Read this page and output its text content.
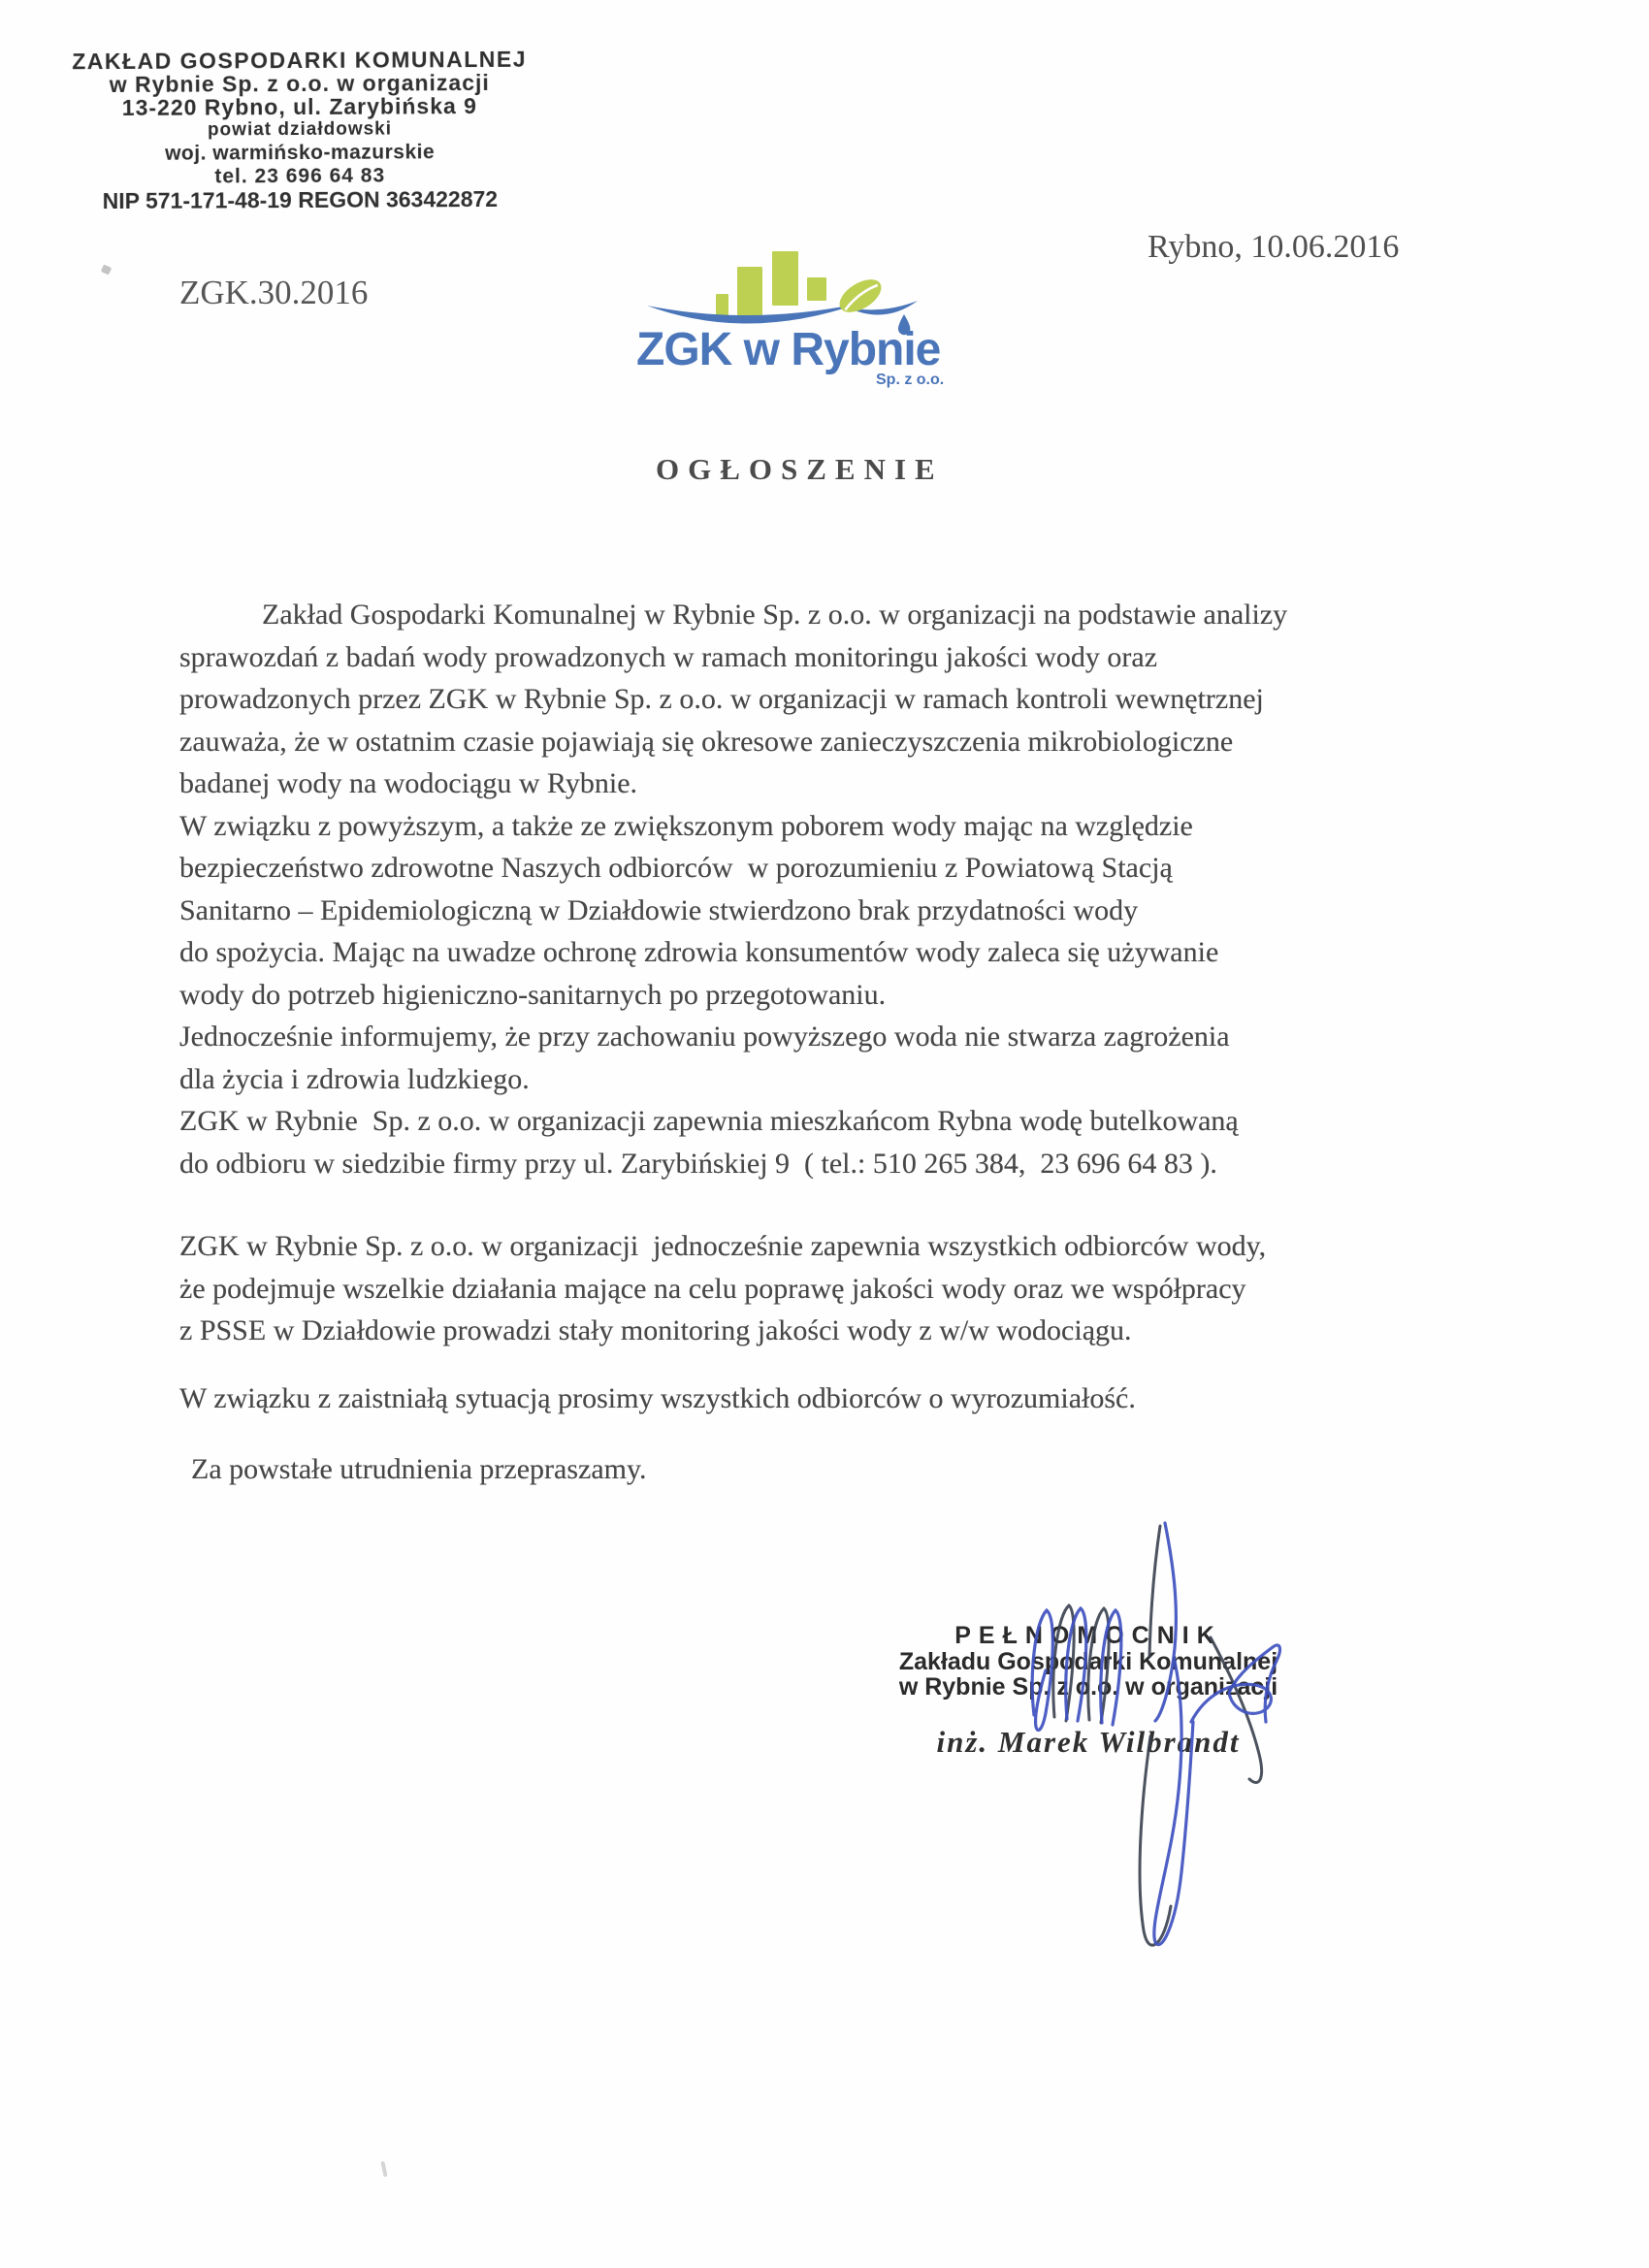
ZAKŁAD GOSPODARKI KOMUNALNEJ
w Rybnie Sp. z o.o. w organizacji
13-220 Rybno, ul. Zarybińska 9
powiat działdowski
woj. warmińsko-mazurskie
tel. 23 696 64 83
NIP 571-171-48-19 REGON 363422872
Rybno, 10.06.2016
ZGK.30.2016
ZGK w Rybnie
Sp. z o.o.
OGŁOSZENIE
Zakład Gospodarki Komunalnej w Rybnie Sp. z o.o. w organizacji na podstawie analizy
sprawozdań z badań wody prowadzonych w ramach monitoringu jakości wody oraz
prowadzonych przez ZGK w Rybnie Sp. z o.o. w organizacji w ramach kontroli wewnętrznej
zauważa, że w ostatnim czasie pojawiają się okresowe zanieczyszczenia mikrobiologiczne
badanej wody na wodociągu w Rybnie.
W związku z powyższym, a także ze zwiększonym poborem wody mając na względzie
bezpieczeństwo zdrowotne Naszych odbiorców  w porozumieniu z Powiatową Stacją
Sanitarno – Epidemiologiczną w Działdowie stwierdzono brak przydatności wody
do spożycia. Mając na uwadze ochronę zdrowia konsumentów wody zaleca się używanie
wody do potrzeb higieniczno-sanitarnych po przegotowaniu.
Jednocześnie informujemy, że przy zachowaniu powyższego woda nie stwarza zagrożenia
dla życia i zdrowia ludzkiego.
ZGK w Rybnie  Sp. z o.o. w organizacji zapewnia mieszkańcom Rybna wodę butelkowaną
do odbioru w siedzibie firmy przy ul. Zarybińskiej 9  ( tel.: 510 265 384,  23 696 64 83 ).
ZGK w Rybnie Sp. z o.o. w organizacji  jednocześnie zapewnia wszystkich odbiorców wody,
że podejmuje wszelkie działania mające na celu poprawę jakości wody oraz we współpracy
z PSSE w Działdowie prowadzi stały monitoring jakości wody z w/w wodociągu.
W związku z zaistniałą sytuacją prosimy wszystkich odbiorców o wyrozumiałość.
Za powstałe utrudnienia przepraszamy.
PEŁNOMOCNIK
Zakładu Gospodarki Komunalnej
w Rybnie Sp. z o.o. w organizacji
inż. Marek Wilbrandt
